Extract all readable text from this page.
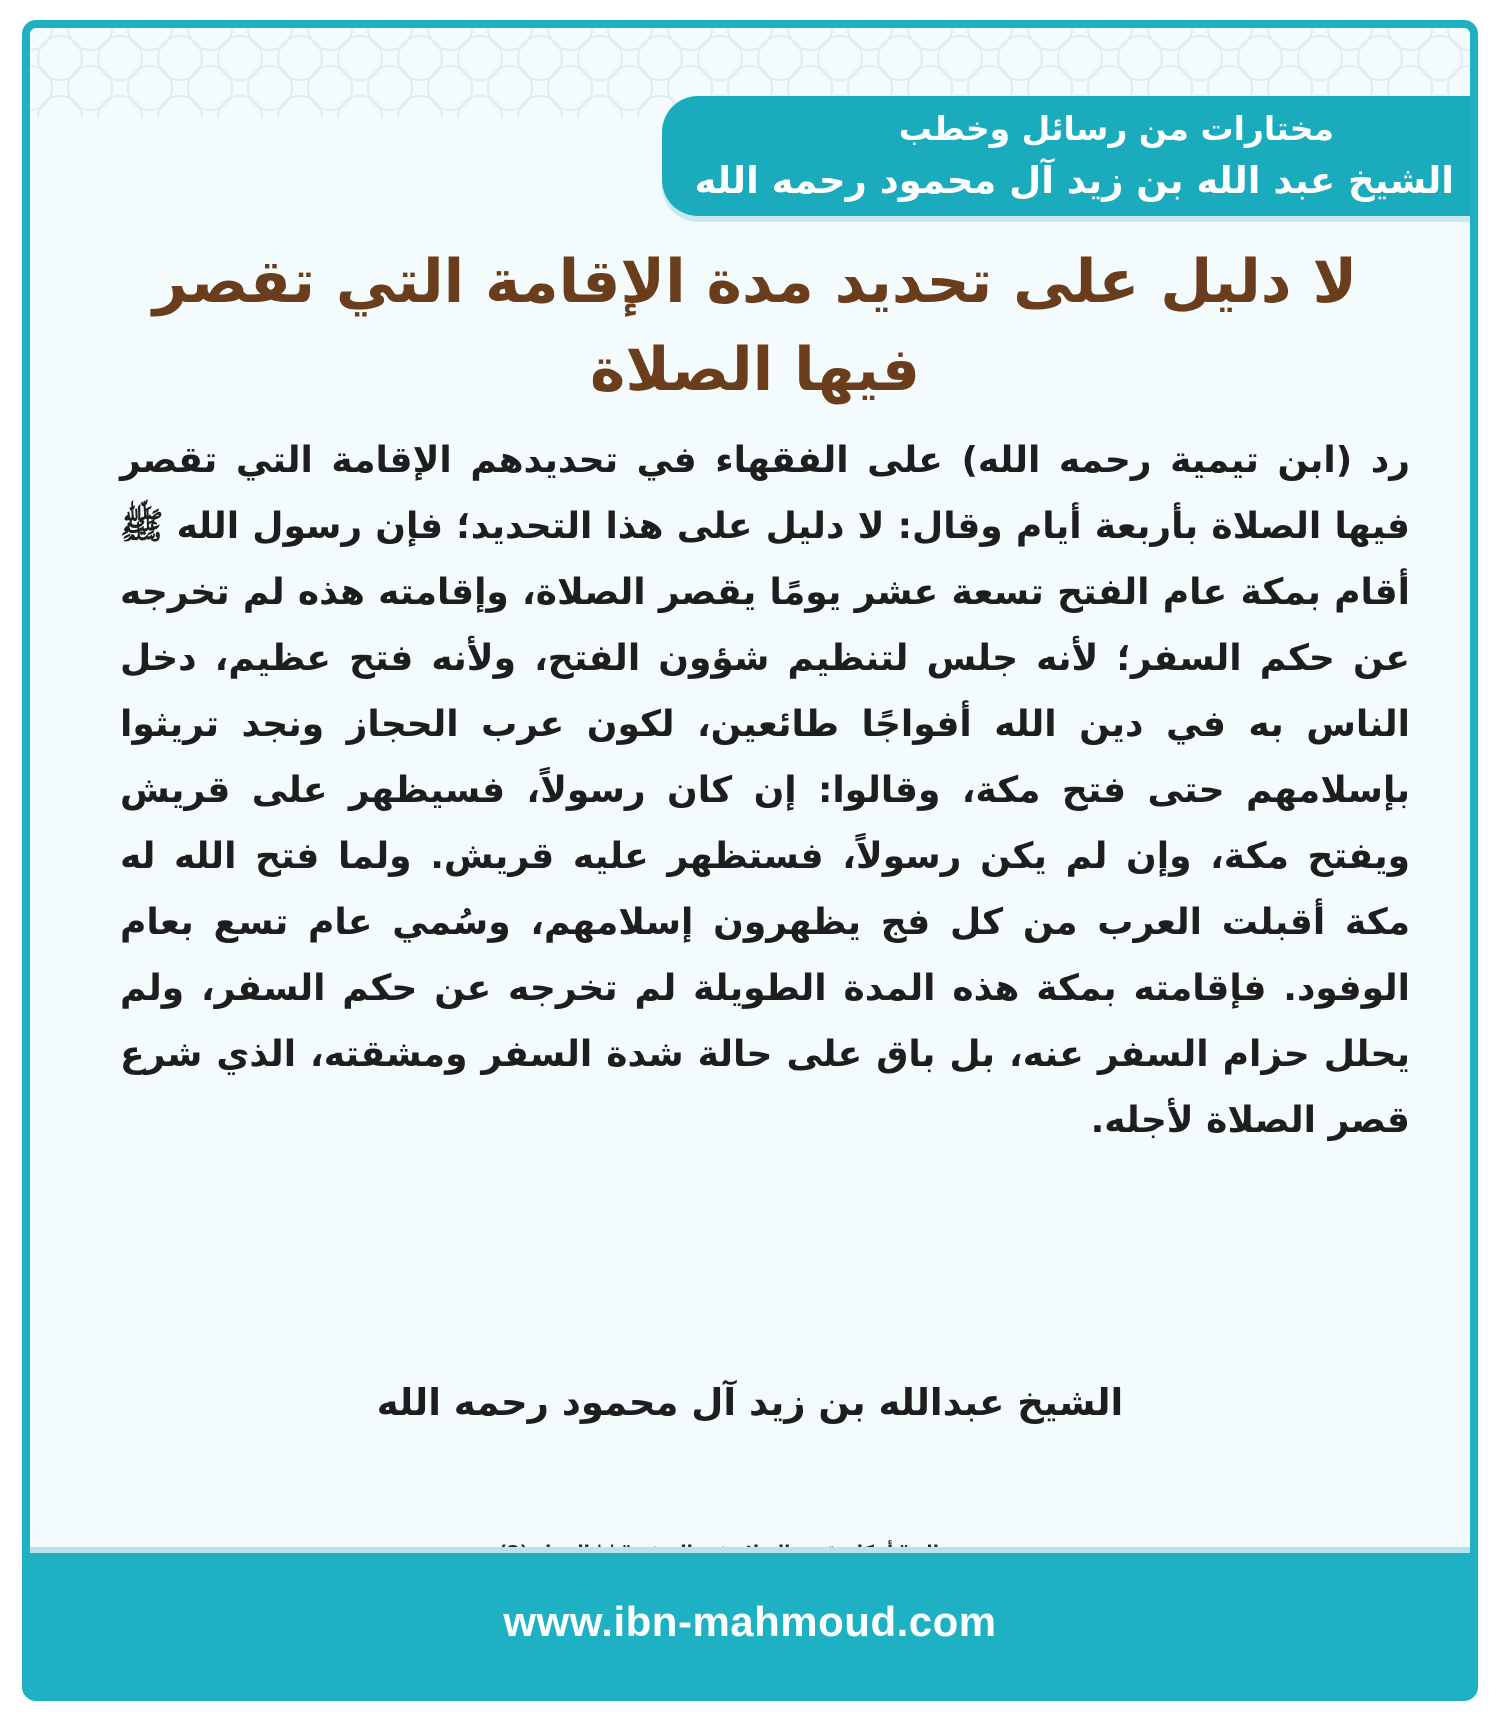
مختارات من رسائل وخطب
الشيخ عبد الله بن زيد آل محمود رحمه الله
لا دليل على تحديد مدة الإقامة التي تقصر فيها الصلاة

رد (ابن تيمية رحمه الله) على الفقهاء في تحديدهم الإقامة التي تقصر فيها الصلاة بأربعة أيام وقال: لا دليل على هذا التحديد؛ فإن رسول الله ﷺ أقام بمكة عام الفتح تسعة عشر يومًا يقصر الصلاة، وإقامته هذه لم تخرجه عن حكم السفر؛ لأنه جلس لتنظيم شؤون الفتح، ولأنه فتح عظيم، دخل الناس به في دين الله أفواجًا طائعين، لكون عرب الحجاز ونجد تريثوا بإسلامهم حتى فتح مكة، وقالوا: إن كان رسولاً، فسيظهر على قريش ويفتح مكة، وإن لم يكن رسولاً، فستظهر عليه قريش. ولما فتح الله له مكة أقبلت العرب من كل فج يظهرون إسلامهم، وسُمي عام تسع بعام الوفود. فإقامته بمكة هذه المدة الطويلة لم تخرجه عن حكم السفر، ولم يحلل حزام السفر عنه، بل باق على حالة شدة السفر ومشقته، الذي شرع قصر الصلاة لأجله.

الشيخ عبدالله بن زيد آل محمود رحمه الله
www.ibn-mahmoud.com
